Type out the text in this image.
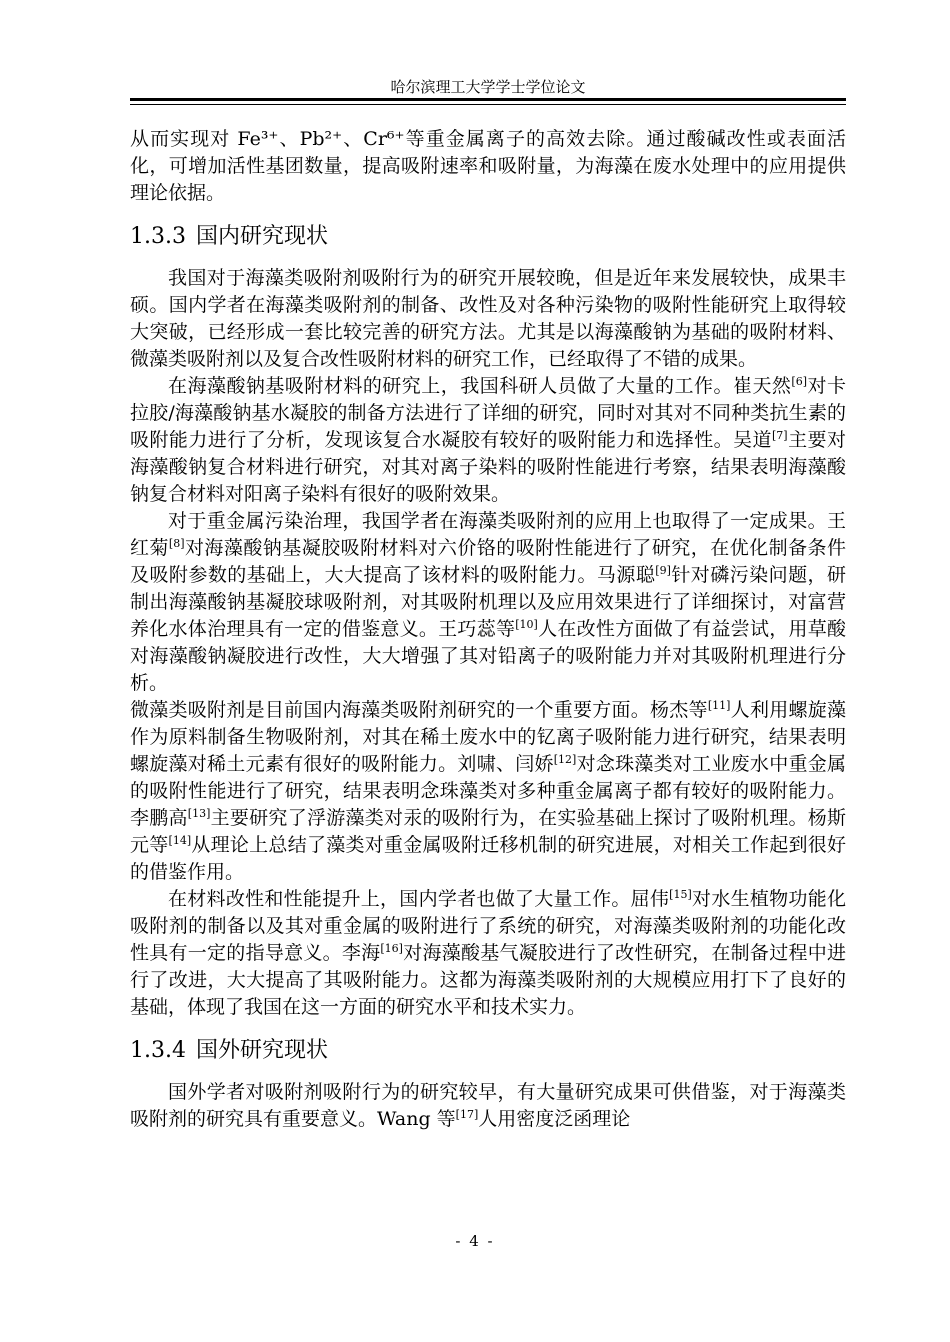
哈尔滨理工大学学士学位论文

从而实现对 Fe³⁺、Pb²⁺、Cr⁶⁺等重金属离子的高效去除。通过酸碱改性或表面活化，可增加活性基团数量，提高吸附速率和吸附量，为海藻在废水处理中的应用提供理论依据。

1.3.3 国内研究现状

我国对于海藻类吸附剂吸附行为的研究开展较晚，但是近年来发展较快，成果丰硕。国内学者在海藻类吸附剂的制备、改性及对各种污染物的吸附性能研究上取得较大突破，已经形成一套比较完善的研究方法。尤其是以海藻酸钠为基础的吸附材料、微藻类吸附剂以及复合改性吸附材料的研究工作，已经取得了不错的成果。

在海藻酸钠基吸附材料的研究上，我国科研人员做了大量的工作。崔天然[6]对卡拉胶/海藻酸钠基水凝胶的制备方法进行了详细的研究，同时对其对不同种类抗生素的吸附能力进行了分析，发现该复合水凝胶有较好的吸附能力和选择性。吴道[7]主要对海藻酸钠复合材料进行研究，对其对离子染料的吸附性能进行考察，结果表明海藻酸钠复合材料对阳离子染料有很好的吸附效果。

对于重金属污染治理，我国学者在海藻类吸附剂的应用上也取得了一定成果。王红菊[8]对海藻酸钠基凝胶吸附材料对六价铬的吸附性能进行了研究，在优化制备条件及吸附参数的基础上，大大提高了该材料的吸附能力。马源聪[9]针对磷污染问题，研制出海藻酸钠基凝胶球吸附剂，对其吸附机理以及应用效果进行了详细探讨，对富营养化水体治理具有一定的借鉴意义。王巧蕊等[10]人在改性方面做了有益尝试，用草酸对海藻酸钠凝胶进行改性，大大增强了其对铅离子的吸附能力并对其吸附机理进行分析。

微藻类吸附剂是目前国内海藻类吸附剂研究的一个重要方面。杨杰等[11]人利用螺旋藻作为原料制备生物吸附剂，对其在稀土废水中的钇离子吸附能力进行研究，结果表明螺旋藻对稀土元素有很好的吸附能力。刘啸、闫娇[12]对念珠藻类对工业废水中重金属的吸附性能进行了研究，结果表明念珠藻类对多种重金属离子都有较好的吸附能力。李鹏高[13]主要研究了浮游藻类对汞的吸附行为，在实验基础上探讨了吸附机理。杨斯元等[14]从理论上总结了藻类对重金属吸附迁移机制的研究进展，对相关工作起到很好的借鉴作用。

在材料改性和性能提升上，国内学者也做了大量工作。屈伟[15]对水生植物功能化吸附剂的制备以及其对重金属的吸附进行了系统的研究，对海藻类吸附剂的功能化改性具有一定的指导意义。李海[16]对海藻酸基气凝胶进行了改性研究，在制备过程中进行了改进，大大提高了其吸附能力。这都为海藻类吸附剂的大规模应用打下了良好的基础，体现了我国在这一方面的研究水平和技术实力。

1.3.4 国外研究现状

国外学者对吸附剂吸附行为的研究较早，有大量研究成果可供借鉴，对于海藻类吸附剂的研究具有重要意义。Wang 等[17]人用密度泛函理论

- 4 -
